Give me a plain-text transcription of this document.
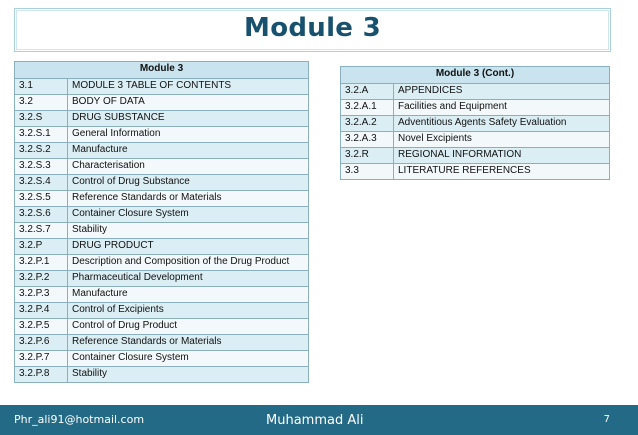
Module 3
Module 3	
3.1	MODULE 3 TABLE OF CONTENTS
3.2	BODY OF DATA
3.2.S	DRUG SUBSTANCE
3.2.S.1	General Information
3.2.S.2	Manufacture
3.2.S.3	Characterisation
3.2.S.4	Control of Drug Substance
3.2.S.5	Reference Standards or Materials
3.2.S.6	Container Closure System
3.2.S.7	Stability
3.2.P	DRUG PRODUCT
3.2.P.1	Description and Composition of the Drug Product
3.2.P.2	Pharmaceutical Development
3.2.P.3	Manufacture
3.2.P.4	Control of Excipients
3.2.P.5	Control of Drug Product
3.2.P.6	Reference Standards or Materials
3.2.P.7	Container Closure System
3.2.P.8	Stability
Module 3 (Cont.)	
3.2.A	APPENDICES
3.2.A.1	Facilities and Equipment
3.2.A.2	Adventitious Agents Safety Evaluation
3.2.A.3	Novel Excipients
3.2.R	REGIONAL INFORMATION
3.3	LITERATURE REFERENCES
Phr_ali91@hotmail.com	Muhammad Ali	7
